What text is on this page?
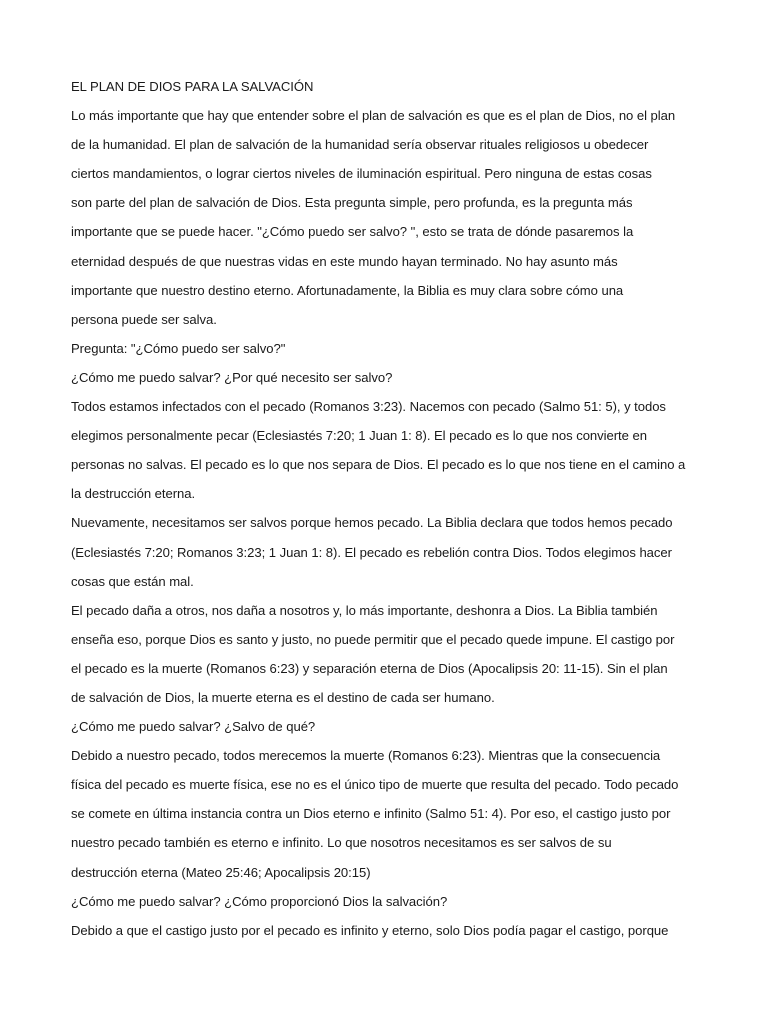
EL PLAN DE DIOS PARA LA SALVACIÓN
Lo más importante que hay que entender sobre el plan de salvación es que es el plan de Dios, no el plan
de la humanidad. El plan de salvación de la humanidad sería observar rituales religiosos u obedecer
ciertos mandamientos, o lograr ciertos niveles de iluminación espiritual. Pero ninguna de estas cosas
son parte del plan de salvación de Dios. Esta pregunta simple, pero profunda, es la pregunta más
importante que se puede hacer. "¿Cómo puedo ser salvo? ", esto se trata de dónde pasaremos la
eternidad después de que nuestras vidas en este mundo hayan terminado. No hay asunto más
importante que nuestro destino eterno. Afortunadamente, la Biblia es muy clara sobre cómo una
persona puede ser salva.
Pregunta: "¿Cómo puedo ser salvo?"
¿Cómo me puedo salvar? ¿Por qué necesito ser salvo?
Todos estamos infectados con el pecado (Romanos 3:23). Nacemos con pecado (Salmo 51: 5), y todos
elegimos personalmente pecar (Eclesiastés 7:20; 1 Juan 1: 8). El pecado es lo que nos convierte en
personas no salvas. El pecado es lo que nos separa de Dios. El pecado es lo que nos tiene en el camino a
la destrucción eterna.
Nuevamente, necesitamos ser salvos porque hemos pecado. La Biblia declara que todos hemos pecado
(Eclesiastés 7:20; Romanos 3:23; 1 Juan 1: 8). El pecado es rebelión contra Dios. Todos elegimos hacer
cosas que están mal.
El pecado daña a otros, nos daña a nosotros y, lo más importante, deshonra a Dios. La Biblia también
enseña eso, porque Dios es santo y justo, no puede permitir que el pecado quede impune. El castigo por
el pecado es la muerte (Romanos 6:23) y separación eterna de Dios (Apocalipsis 20: 11-15). Sin el plan
de salvación de Dios, la muerte eterna es el destino de cada ser humano.
¿Cómo me puedo salvar? ¿Salvo de qué?
Debido a nuestro pecado, todos merecemos la muerte (Romanos 6:23). Mientras que la consecuencia
física del pecado es muerte física, ese no es el único tipo de muerte que resulta del pecado. Todo pecado
se comete en última instancia contra un Dios eterno e infinito (Salmo 51: 4). Por eso, el castigo justo por
nuestro pecado también es eterno e infinito. Lo que nosotros necesitamos es ser salvos de su
destrucción eterna (Mateo 25:46; Apocalipsis 20:15)
¿Cómo me puedo salvar? ¿Cómo proporcionó Dios la salvación?
Debido a que el castigo justo por el pecado es infinito y eterno, solo Dios podía pagar el castigo, porque
